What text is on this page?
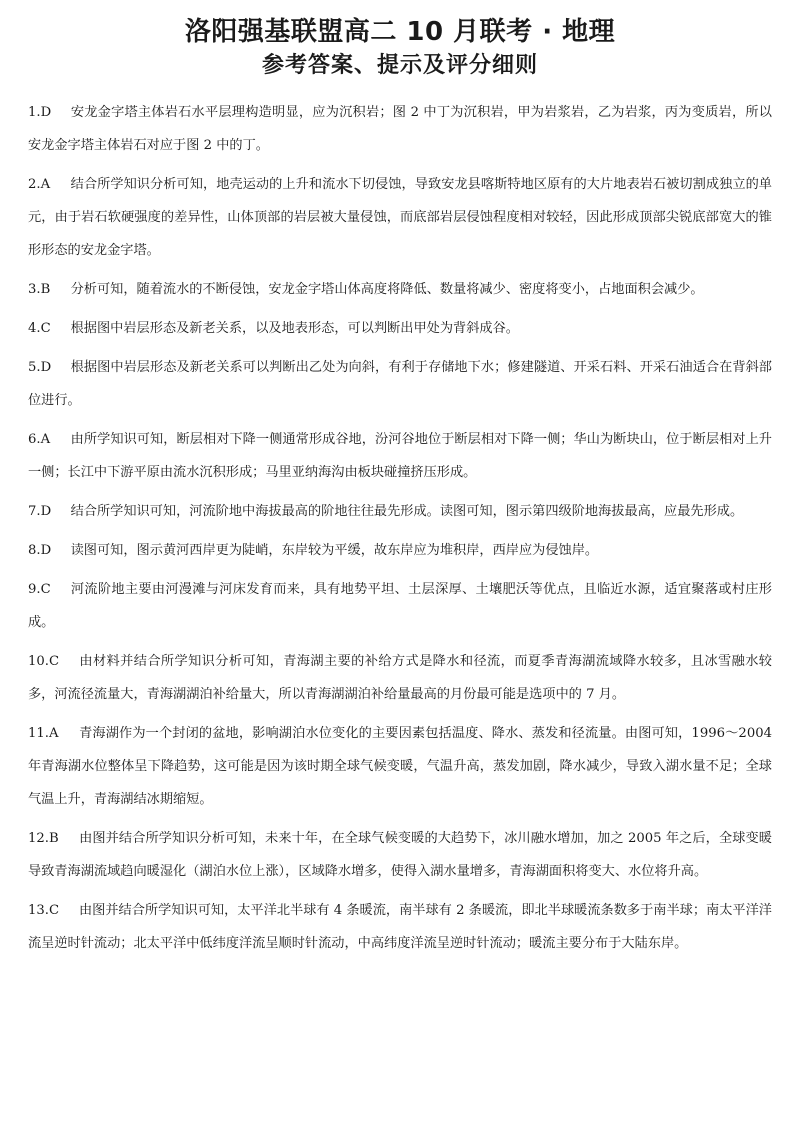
洛阳强基联盟高二 10 月联考 · 地理
参考答案、提示及评分细则
1.D 安龙金字塔主体岩石水平层理构造明显，应为沉积岩；图 2 中丁为沉积岩，甲为岩浆岩，乙为岩浆，丙为变质岩，所以安龙金字塔主体岩石对应于图 2 中的丁。
2.A 结合所学知识分析可知，地壳运动的上升和流水下切侵蚀，导致安龙县喀斯特地区原有的大片地表岩石被切割成独立的单元，由于岩石软硬强度的差异性，山体顶部的岩层被大量侵蚀，而底部岩层侵蚀程度相对较轻，因此形成顶部尖锐底部宽大的锥形形态的安龙金字塔。
3.B 分析可知，随着流水的不断侵蚀，安龙金字塔山体高度将降低、数量将减少、密度将变小，占地面积会减少。
4.C 根据图中岩层形态及新老关系，以及地表形态，可以判断出甲处为背斜成谷。
5.D 根据图中岩层形态及新老关系可以判断出乙处为向斜，有利于存储地下水；修建隧道、开采石料、开采石油适合在背斜部位进行。
6.A 由所学知识可知，断层相对下降一侧通常形成谷地，汾河谷地位于断层相对下降一侧；华山为断块山，位于断层相对上升一侧；长江中下游平原由流水沉积形成；马里亚纳海沟由板块碰撞挤压形成。
7.D 结合所学知识可知，河流阶地中海拔最高的阶地往往最先形成。读图可知，图示第四级阶地海拔最高，应最先形成。
8.D 读图可知，图示黄河西岸更为陡峭，东岸较为平缓，故东岸应为堆积岸，西岸应为侵蚀岸。
9.C 河流阶地主要由河漫滩与河床发育而来，具有地势平坦、土层深厚、土壤肥沃等优点，且临近水源，适宜聚落或村庄形成。
10.C 由材料并结合所学知识分析可知，青海湖主要的补给方式是降水和径流，而夏季青海湖流域降水较多，且冰雪融水较多，河流径流量大，青海湖湖泊补给量大，所以青海湖湖泊补给量最高的月份最可能是选项中的 7 月。
11.A 青海湖作为一个封闭的盆地，影响湖泊水位变化的主要因素包括温度、降水、蒸发和径流量。由图可知，1996～2004 年青海湖水位整体呈下降趋势，这可能是因为该时期全球气候变暖，气温升高，蒸发加剧，降水减少，导致入湖水量不足；全球气温上升，青海湖结冰期缩短。
12.B 由图并结合所学知识分析可知，未来十年，在全球气候变暖的大趋势下，冰川融水增加，加之 2005 年之后，全球变暖导致青海湖流域趋向暖湿化（湖泊水位上涨），区域降水增多，使得入湖水量增多，青海湖面积将变大、水位将升高。
13.C 由图并结合所学知识可知，太平洋北半球有 4 条暖流，南半球有 2 条暖流，即北半球暖流条数多于南半球；南太平洋洋流呈逆时针流动；北太平洋中低纬度洋流呈顺时针流动，中高纬度洋流呈逆时针流动；暖流主要分布于大陆东岸。
